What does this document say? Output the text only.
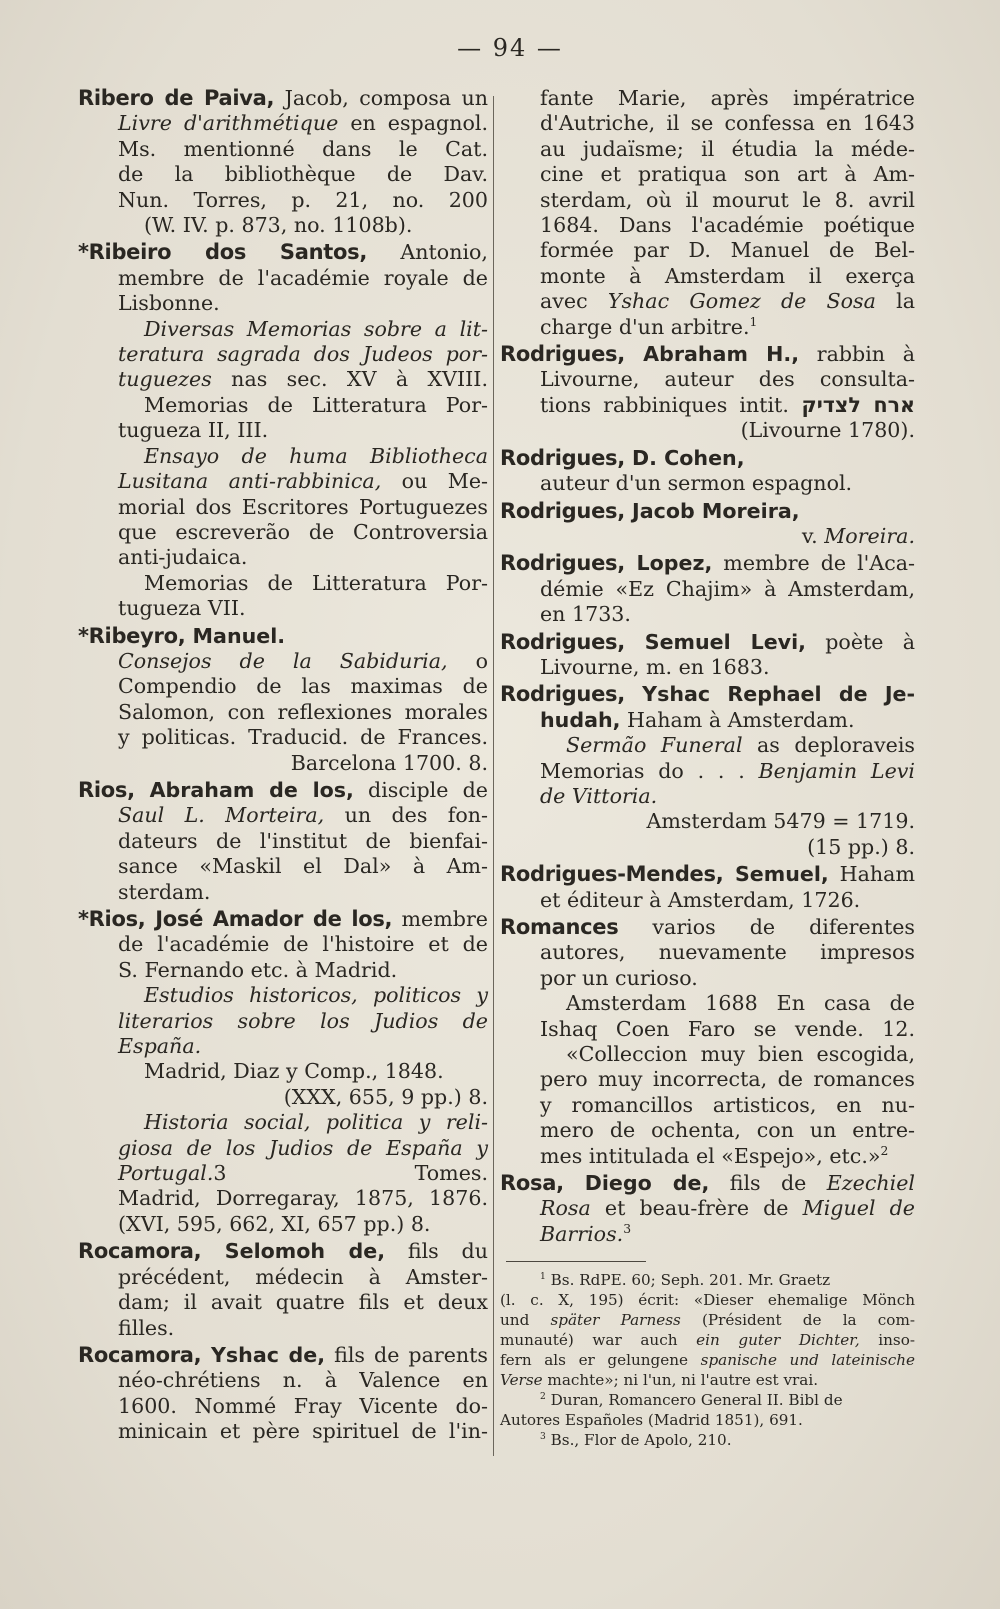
— 94 —
Ribero de Paiva, Jacob, composa un
Livre d'arithmétique en espagnol.
Ms. mentionné dans le Cat.
de la bibliothèque de Dav.
Nun. Torres, p. 21, no. 200
(W. IV. p. 873, no. 1108b).
*Ribeiro dos Santos, Antonio,
membre de l'académie royale de
Lisbonne.
Diversas Memorias sobre a lit-
teratura sagrada dos Judeos por-
tuguezes nas sec. XV à XVIII.
Memorias de Litteratura Por-
tugueza II, III.
Ensayo de huma Bibliotheca
Lusitana anti-rabbinica, ou Me-
morial dos Escritores Portuguezes
que escreverão de Controversia
anti-judaica.
Memorias de Litteratura Por-
tugueza VII.
*Ribeyro, Manuel.
Consejos de la Sabiduria, o
Compendio de las maximas de
Salomon, con reflexiones morales
y politicas. Traducid. de Frances.
Barcelona 1700. 8.
Rios, Abraham de los, disciple de
Saul L. Morteira, un des fon-
dateurs de l'institut de bienfai-
sance «Maskil el Dal» à Am-
sterdam.
*Rios, José Amador de los, membre
de l'académie de l'histoire et de
S. Fernando etc. à Madrid.
Estudios historicos, politicos y
literarios sobre los Judios de
España.
Madrid, Diaz y Comp., 1848.
(XXX, 655, 9 pp.) 8.
Historia social, politica y reli-
giosa de los Judios de España y
Portugal.3 Tomes.
Madrid, Dorregaray, 1875, 1876.
(XVI, 595, 662, XI, 657 pp.) 8.
Rocamora, Selomoh de, fils du
précédent, médecin à Amster-
dam; il avait quatre fils et deux
filles.
Rocamora, Yshac de, fils de parents
néo-chrétiens n. à Valence en
1600. Nommé Fray Vicente do-
minicain et père spirituel de l'in-
fante Marie, après impératrice
d'Autriche, il se confessa en 1643
au judaïsme; il étudia la méde-
cine et pratiqua son art à Am-
sterdam, où il mourut le 8. avril
1684. Dans l'académie poétique
formée par D. Manuel de Bel-
monte à Amsterdam il exerça
avec Yshac Gomez de Sosa la
charge d'un arbitre.$^1$
Rodrigues, Abraham H., rabbin à
Livourne, auteur des consulta-
tions rabbiniques intit. ארח לצדיק
(Livourne 1780).
Rodrigues, D. Cohen,
auteur d'un sermon espagnol.
Rodrigues, Jacob Moreira,
v. Moreira.
Rodrigues, Lopez, membre de l'Aca-
démie «Ez Chajim» à Amsterdam,
en 1733.
Rodrigues, Semuel Levi, poète à
Livourne, m. en 1683.
Rodrigues, Yshac Rephael de Je-
hudah, Haham à Amsterdam.
Sermão Funeral as deploraveis
Memorias do . . . Benjamin Levi
de Vittoria.
Amsterdam 5479 = 1719.
(15 pp.) 8.
Rodrigues-Mendes, Semuel, Haham
et éditeur à Amsterdam, 1726.
Romances varios de diferentes
autores, nuevamente impresos
por un curioso.
Amsterdam 1688 En casa de
Ishaq Coen Faro se vende. 12.
«Colleccion muy bien escogida,
pero muy incorrecta, de romances
y romancillos artisticos, en nu-
mero de ochenta, con un entre-
mes intitulada el «Espejo», etc.»$^2$
Rosa, Diego de, fils de Ezechiel
Rosa et beau-frère de Miguel de
Barrios.$^3$
$^1$ Bs. RdPE. 60; Seph. 201. Mr. Graetz
(l. c. X, 195) écrit: «Dieser ehemalige Mönch
und später Parness (Président de la com-
munauté) war auch ein guter Dichter, inso-
fern als er gelungene spanische und lateinische
Verse machte»; ni l'un, ni l'autre est vrai.
$^2$ Duran, Romancero General II. Bibl de
Autores Españoles (Madrid 1851), 691.
$^3$ Bs., Flor de Apolo, 210.
